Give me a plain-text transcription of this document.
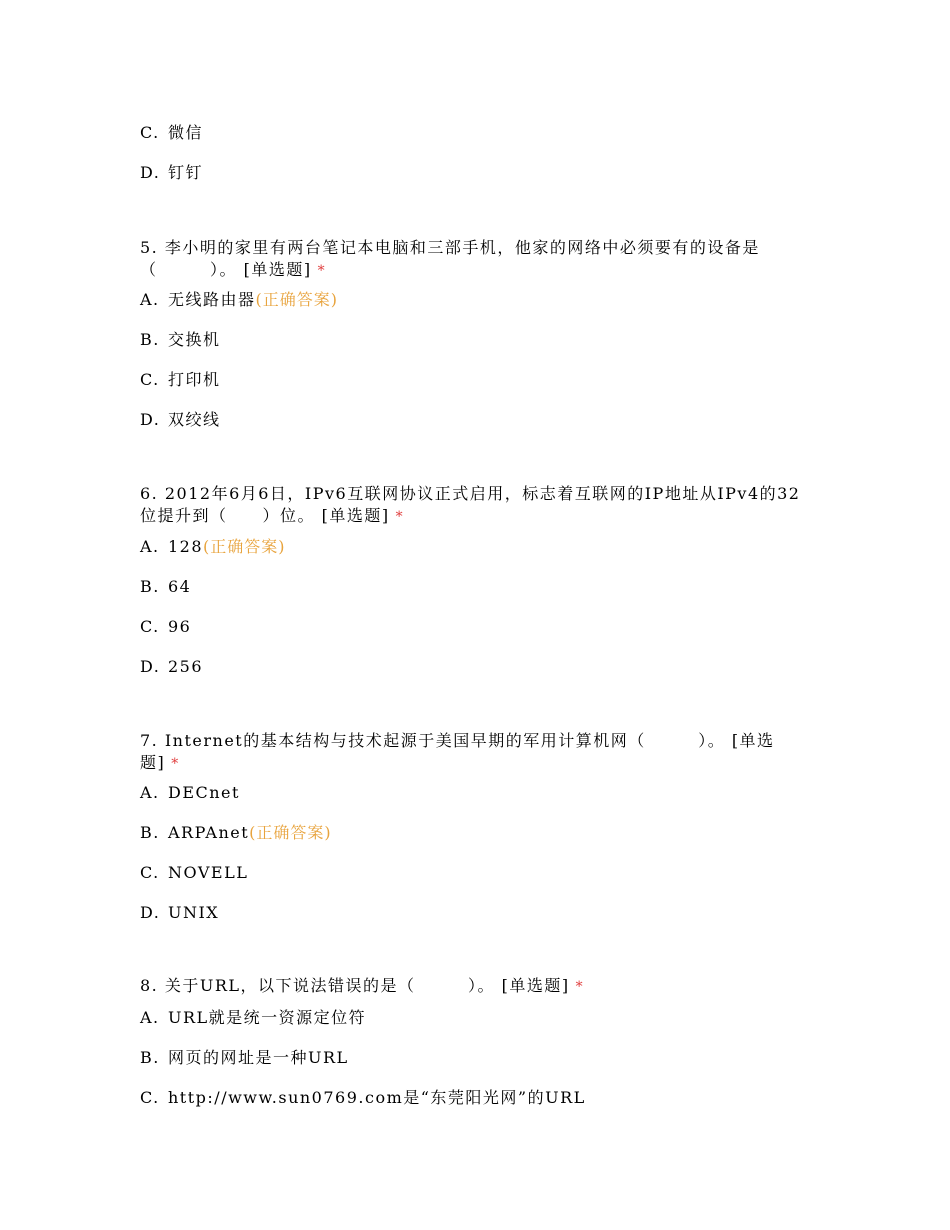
C. 微信
D. 钉钉
5. 李小明的家里有两台笔记本电脑和三部手机，他家的网络中必须要有的设备是（　　　）。 [单选题] *
A. 无线路由器(正确答案)
B. 交换机
C. 打印机
D. 双绞线
6. 2012年6月6日，IPv6互联网协议正式启用，标志着互联网的IP地址从IPv4的32位提升到（　　）位。 [单选题] *
A. 128(正确答案)
B. 64
C. 96
D. 256
7. Internet的基本结构与技术起源于美国早期的军用计算机网（　　　）。 [单选题] *
A. DECnet
B. ARPAnet(正确答案)
C. NOVELL
D. UNIX
8. 关于URL，以下说法错误的是（　　　）。 [单选题] *
A. URL就是统一资源定位符
B. 网页的网址是一种URL
C. http://www.sun0769.com是“东莞阳光网”的URL
